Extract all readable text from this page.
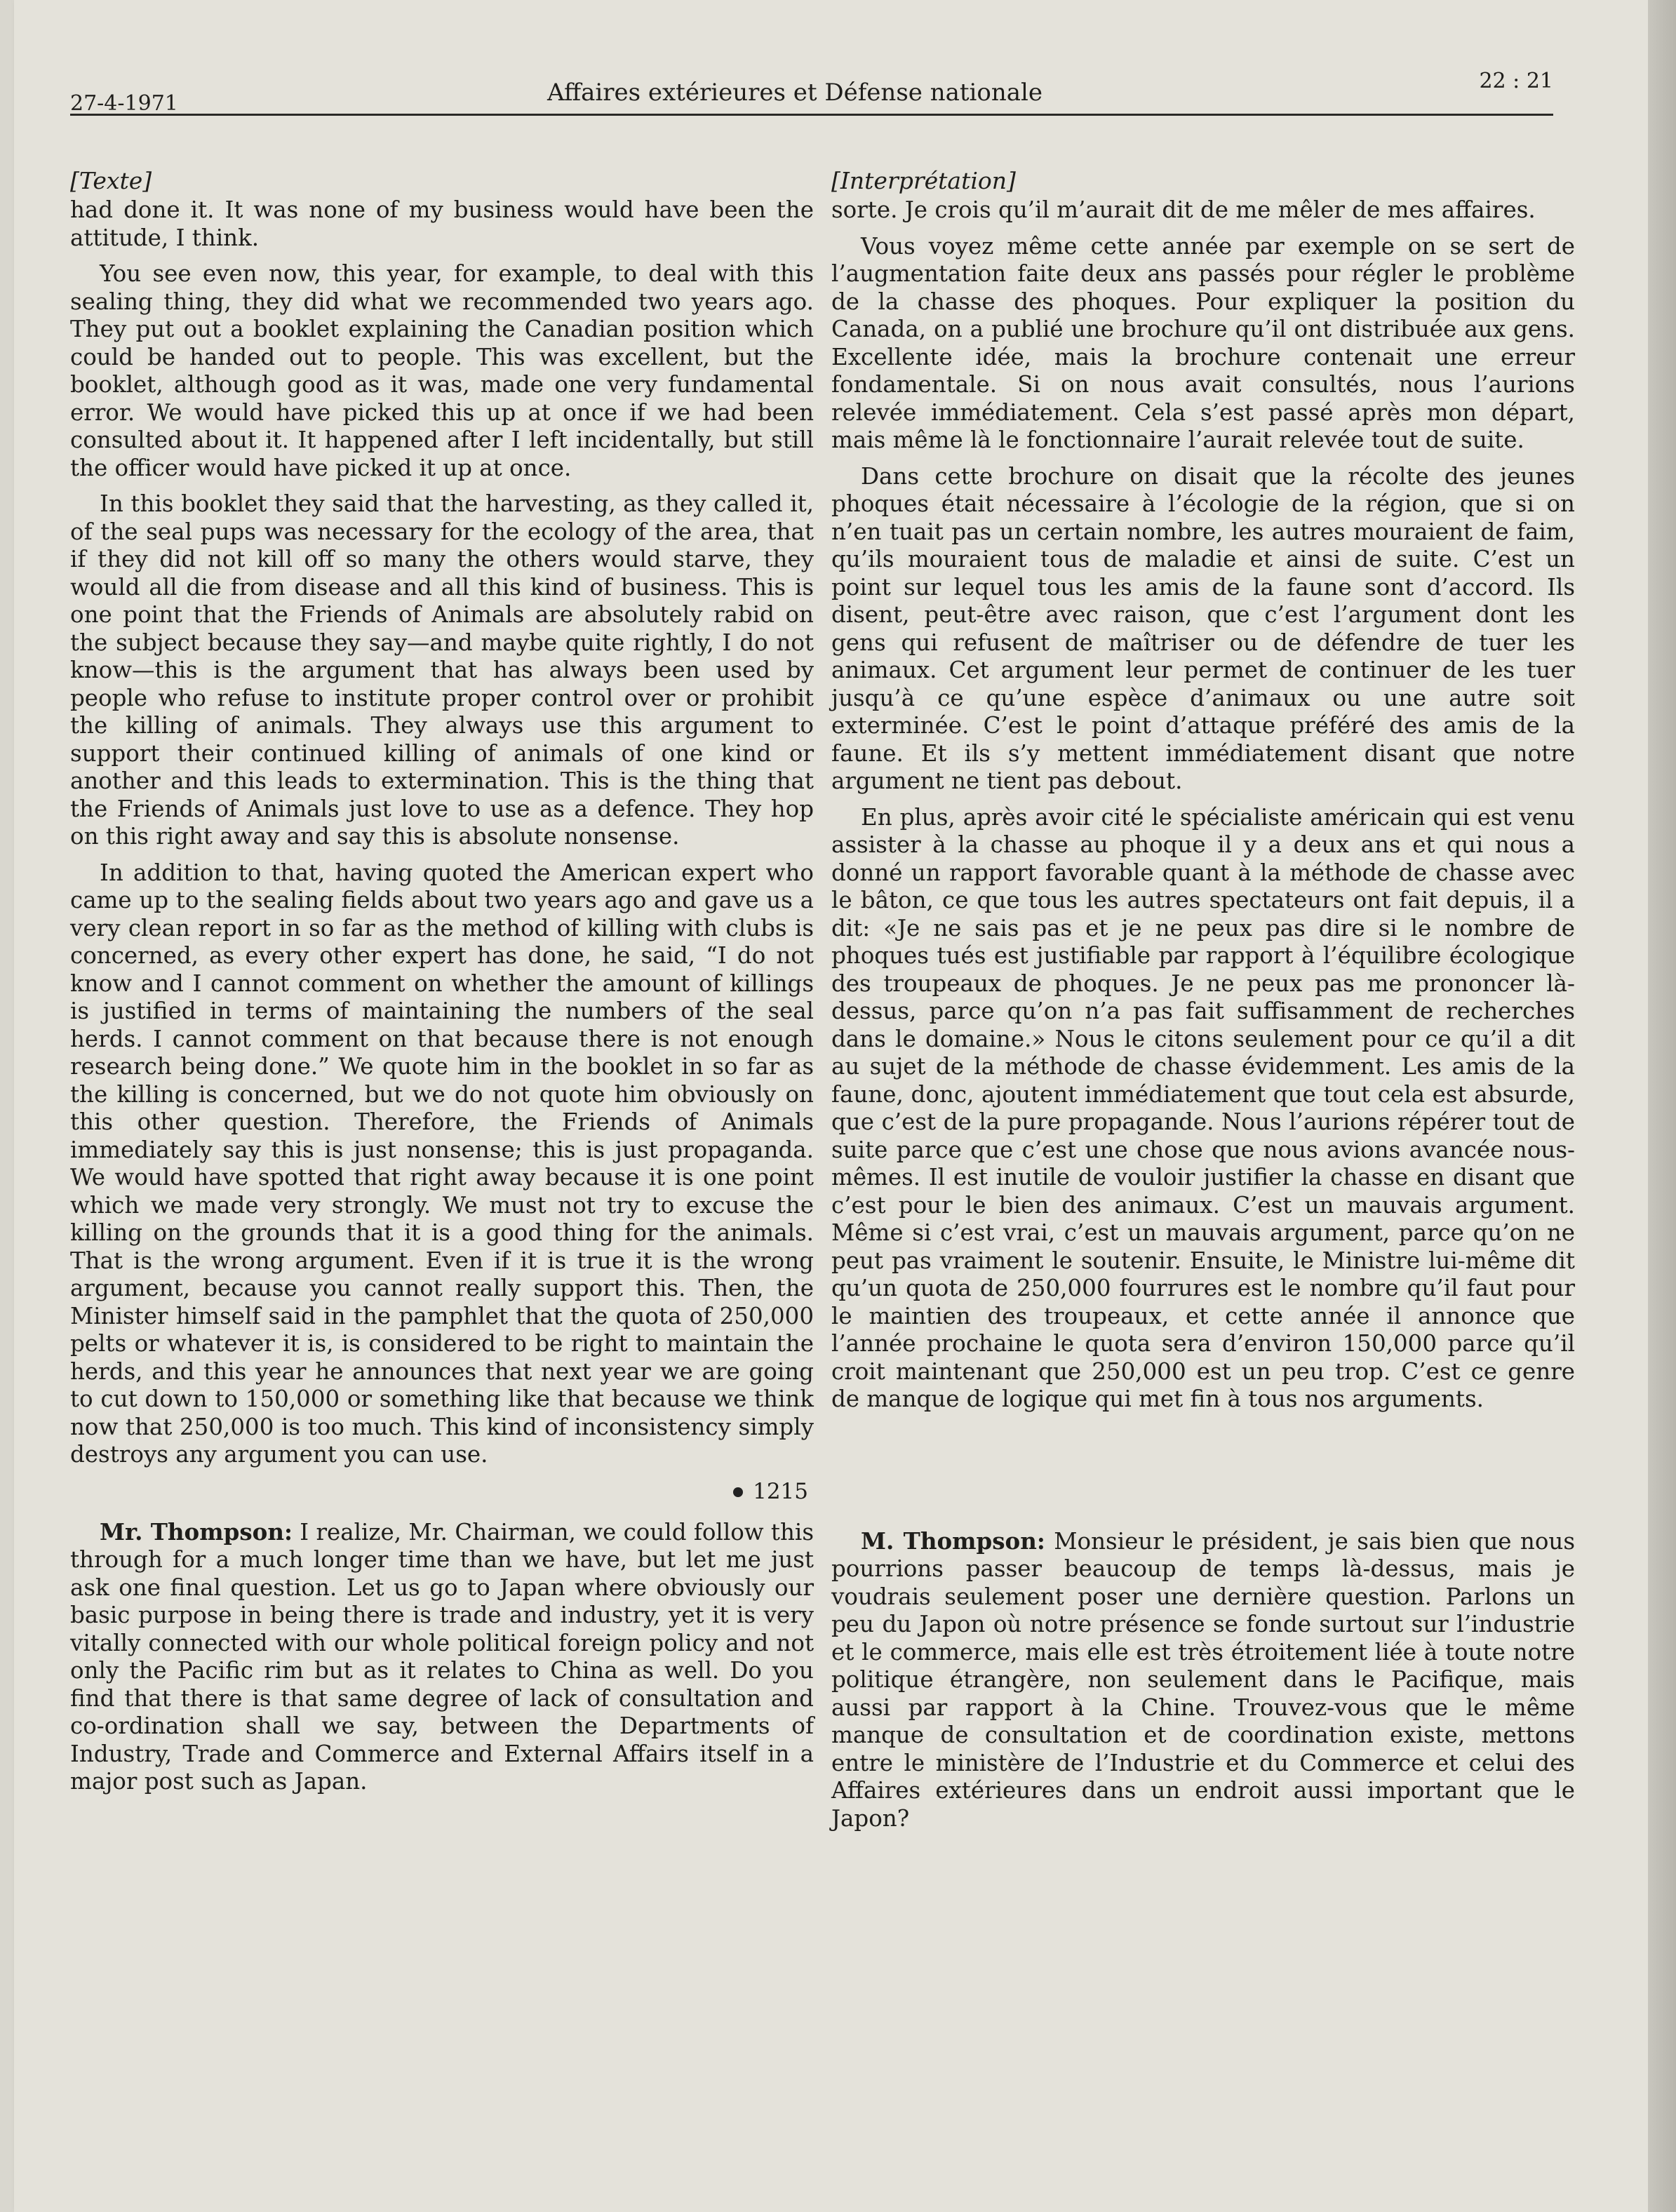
27-4-1971	Affaires extérieures et Défense nationale	22 : 21
[Texte]

had done it. It was none of my business would have been the attitude, I think.

You see even now, this year, for example, to deal with this sealing thing, they did what we recommended two years ago. They put out a booklet explaining the Canadian position which could be handed out to people. This was excellent, but the booklet, although good as it was, made one very fundamental error. We would have picked this up at once if we had been consulted about it. It happened after I left incidentally, but still the officer would have picked it up at once.

In this booklet they said that the harvesting, as they called it, of the seal pups was necessary for the ecology of the area, that if they did not kill off so many the others would starve, they would all die from disease and all this kind of business. This is one point that the Friends of Animals are absolutely rabid on the subject because they say—and maybe quite rightly, I do not know—this is the argument that has always been used by people who refuse to institute proper control over or prohibit the killing of animals. They always use this argument to support their continued killing of animals of one kind or another and this leads to extermination. This is the thing that the Friends of Animals just love to use as a defence. They hop on this right away and say this is absolute nonsense.

In addition to that, having quoted the American expert who came up to the sealing fields about two years ago and gave us a very clean report in so far as the method of killing with clubs is concerned, as every other expert has done, he said, “I do not know and I cannot comment on whether the amount of killings is justified in terms of maintaining the numbers of the seal herds. I cannot comment on that because there is not enough research being done.” We quote him in the booklet in so far as the killing is concerned, but we do not quote him obviously on this other question. Therefore, the Friends of Animals immediately say this is just nonsense; this is just propaganda. We would have spotted that right away because it is one point which we made very strongly. We must not try to excuse the killing on the grounds that it is a good thing for the animals. That is the wrong argument. Even if it is true it is the wrong argument, because you cannot really support this. Then, the Minister himself said in the pamphlet that the quota of 250,000 pelts or whatever it is, is considered to be right to maintain the herds, and this year he announces that next year we are going to cut down to 150,000 or something like that because we think now that 250,000 is too much. This kind of inconsistency simply destroys any argument you can use.

1215

Mr. Thompson: I realize, Mr. Chairman, we could follow this through for a much longer time than we have, but let me just ask one final question. Let us go to Japan where obviously our basic purpose in being there is trade and industry, yet it is very vitally connected with our whole political foreign policy and not only the Pacific rim but as it relates to China as well. Do you find that there is that same degree of lack of consultation and co-ordination shall we say, between the Departments of Industry, Trade and Commerce and External Affairs itself in a major post such as Japan.

[Interprétation]

sorte. Je crois qu’il m’aurait dit de me mêler de mes affaires.

Vous voyez même cette année par exemple on se sert de l’augmentation faite deux ans passés pour régler le problème de la chasse des phoques. Pour expliquer la position du Canada, on a publié une brochure qu’il ont distribuée aux gens. Excellente idée, mais la brochure contenait une erreur fondamentale. Si on nous avait consultés, nous l’aurions relevée immédiatement. Cela s’est passé après mon départ, mais même là le fonctionnaire l’aurait relevée tout de suite.

Dans cette brochure on disait que la récolte des jeunes phoques était nécessaire à l’écologie de la région, que si on n’en tuait pas un certain nombre, les autres mouraient de faim, qu’ils mouraient tous de maladie et ainsi de suite. C’est un point sur lequel tous les amis de la faune sont d’accord. Ils disent, peut-être avec raison, que c’est l’argument dont les gens qui refusent de maîtriser ou de défendre de tuer les animaux. Cet argument leur permet de continuer de les tuer jusqu’à ce qu’une espèce d’animaux ou une autre soit exterminée. C’est le point d’attaque préféré des amis de la faune. Et ils s’y mettent immédiatement disant que notre argument ne tient pas debout.

En plus, après avoir cité le spécialiste américain qui est venu assister à la chasse au phoque il y a deux ans et qui nous a donné un rapport favorable quant à la méthode de chasse avec le bâton, ce que tous les autres spectateurs ont fait depuis, il a dit: «Je ne sais pas et je ne peux pas dire si le nombre de phoques tués est justifiable par rapport à l’équilibre écologique des troupeaux de phoques. Je ne peux pas me prononcer là-dessus, parce qu’on n’a pas fait suffisamment de recherches dans le domaine.» Nous le citons seulement pour ce qu’il a dit au sujet de la méthode de chasse évidemment. Les amis de la faune, donc, ajoutent immédiatement que tout cela est absurde, que c’est de la pure propagande. Nous l’aurions répérer tout de suite parce que c’est une chose que nous avions avancée nous-mêmes. Il est inutile de vouloir justifier la chasse en disant que c’est pour le bien des animaux. C’est un mauvais argument. Même si c’est vrai, c’est un mauvais argument, parce qu’on ne peut pas vraiment le soutenir. Ensuite, le Ministre lui-même dit qu’un quota de 250,000 fourrures est le nombre qu’il faut pour le maintien des troupeaux, et cette année il annonce que l’année prochaine le quota sera d’environ 150,000 parce qu’il croit maintenant que 250,000 est un peu trop. C’est ce genre de manque de logique qui met fin à tous nos arguments.

M. Thompson: Monsieur le président, je sais bien que nous pourrions passer beaucoup de temps là-dessus, mais je voudrais seulement poser une dernière question. Parlons un peu du Japon où notre présence se fonde surtout sur l’industrie et le commerce, mais elle est très étroitement liée à toute notre politique étrangère, non seulement dans le Pacifique, mais aussi par rapport à la Chine. Trouvez-vous que le même manque de consultation et de coordination existe, mettons entre le ministère de l’Industrie et du Commerce et celui des Affaires extérieures dans un endroit aussi important que le Japon?
